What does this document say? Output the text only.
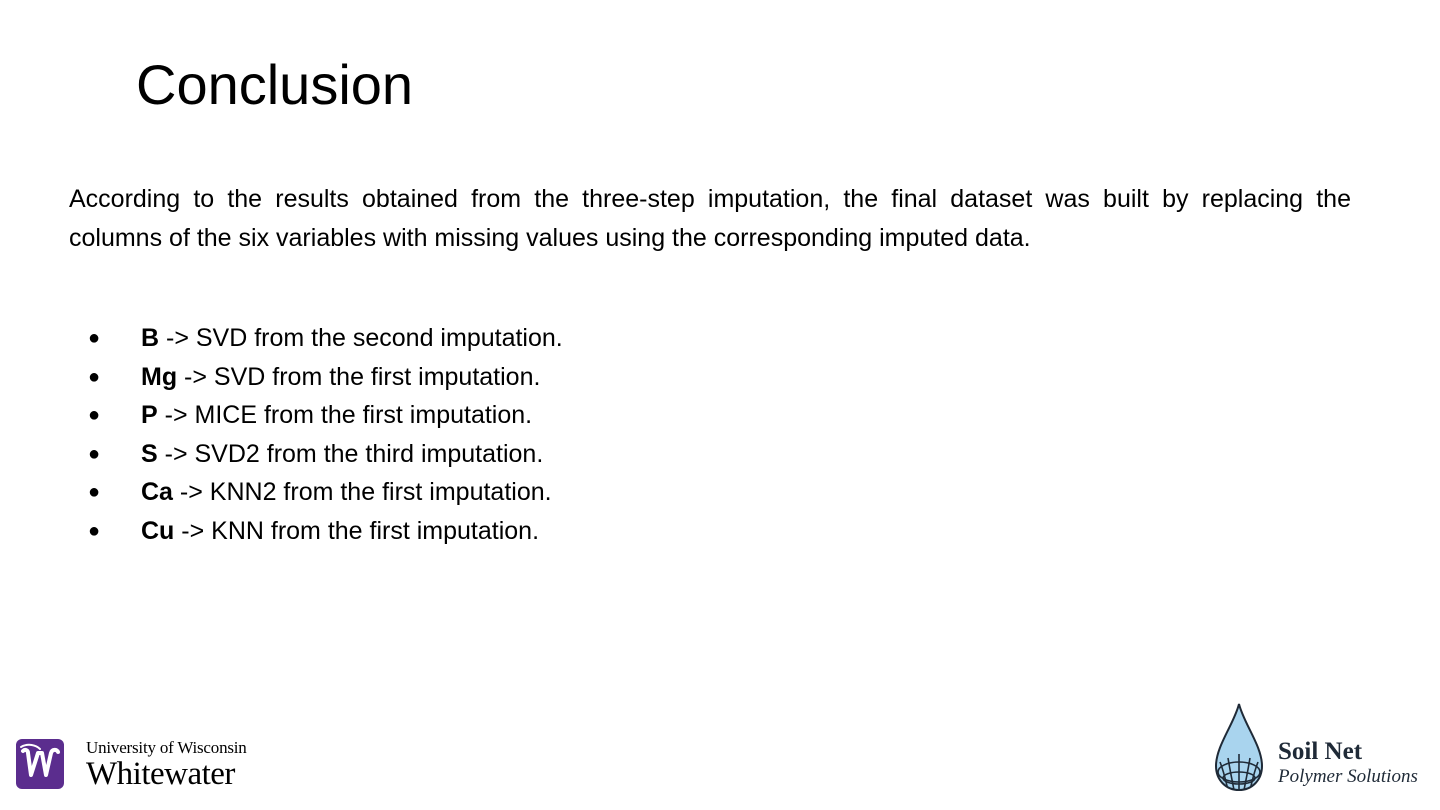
Conclusion

According to the results obtained from the three-step imputation, the final dataset was built by replacing the columns of the six variables with missing values using the corresponding imputed data.

● B -> SVD from the second imputation.
● Mg -> SVD from the first imputation.
● P -> MICE from the first imputation.
● S -> SVD2 from the third imputation.
● Ca -> KNN2 from the first imputation.
● Cu -> KNN from the first imputation.
University of Wisconsin
Whitewater
Soil Net
Polymer Solutions
